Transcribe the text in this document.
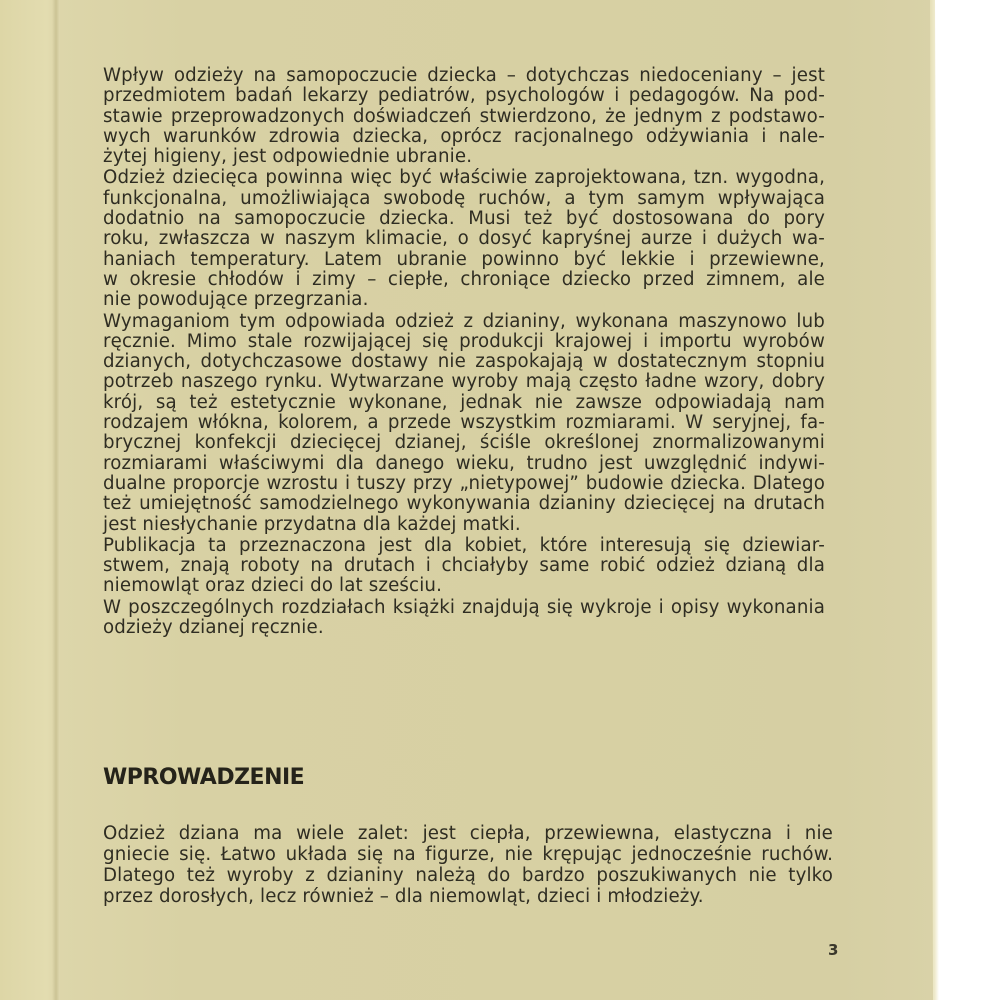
Wpływ odzieży na samopoczucie dziecka – dotychczas niedoceniany – jest
przedmiotem badań lekarzy pediatrów, psychologów i pedagogów. Na pod-
stawie przeprowadzonych doświadczeń stwierdzono, że jednym z podstawo-
wych warunków zdrowia dziecka, oprócz racjonalnego odżywiania i nale-
żytej higieny, jest odpowiednie ubranie.
Odzież dziecięca powinna więc być właściwie zaprojektowana, tzn. wygodna,
funkcjonalna, umożliwiająca swobodę ruchów, a tym samym wpływająca
dodatnio na samopoczucie dziecka. Musi też być dostosowana do pory
roku, zwłaszcza w naszym klimacie, o dosyć kapryśnej aurze i dużych wa-
haniach temperatury. Latem ubranie powinno być lekkie i przewiewne,
w okresie chłodów i zimy – ciepłe, chroniące dziecko przed zimnem, ale
nie powodujące przegrzania.
Wymaganiom tym odpowiada odzież z dzianiny, wykonana maszynowo lub
ręcznie. Mimo stale rozwijającej się produkcji krajowej i importu wyrobów
dzianych, dotychczasowe dostawy nie zaspokajają w dostatecznym stopniu
potrzeb naszego rynku. Wytwarzane wyroby mają często ładne wzory, dobry
krój, są też estetycznie wykonane, jednak nie zawsze odpowiadają nam
rodzajem włókna, kolorem, a przede wszystkim rozmiarami. W seryjnej, fa-
brycznej konfekcji dziecięcej dzianej, ściśle określonej znormalizowanymi
rozmiarami właściwymi dla danego wieku, trudno jest uwzględnić indywi-
dualne proporcje wzrostu i tuszy przy „nietypowej” budowie dziecka. Dlatego
też umiejętność samodzielnego wykonywania dzianiny dziecięcej na drutach
jest niesłychanie przydatna dla każdej matki.
Publikacja ta przeznaczona jest dla kobiet, które interesują się dziewiar-
stwem, znają roboty na drutach i chciałyby same robić odzież dzianą dla
niemowląt oraz dzieci do lat sześciu.
W poszczególnych rozdziałach książki znajdują się wykroje i opisy wykonania
odzieży dzianej ręcznie.
WPROWADZENIE
Odzież dziana ma wiele zalet: jest ciepła, przewiewna, elastyczna i nie
gniecie się. Łatwo układa się na figurze, nie krępując jednocześnie ruchów.
Dlatego też wyroby z dzianiny należą do bardzo poszukiwanych nie tylko
przez dorosłych, lecz również – dla niemowląt, dzieci i młodzieży.
3
